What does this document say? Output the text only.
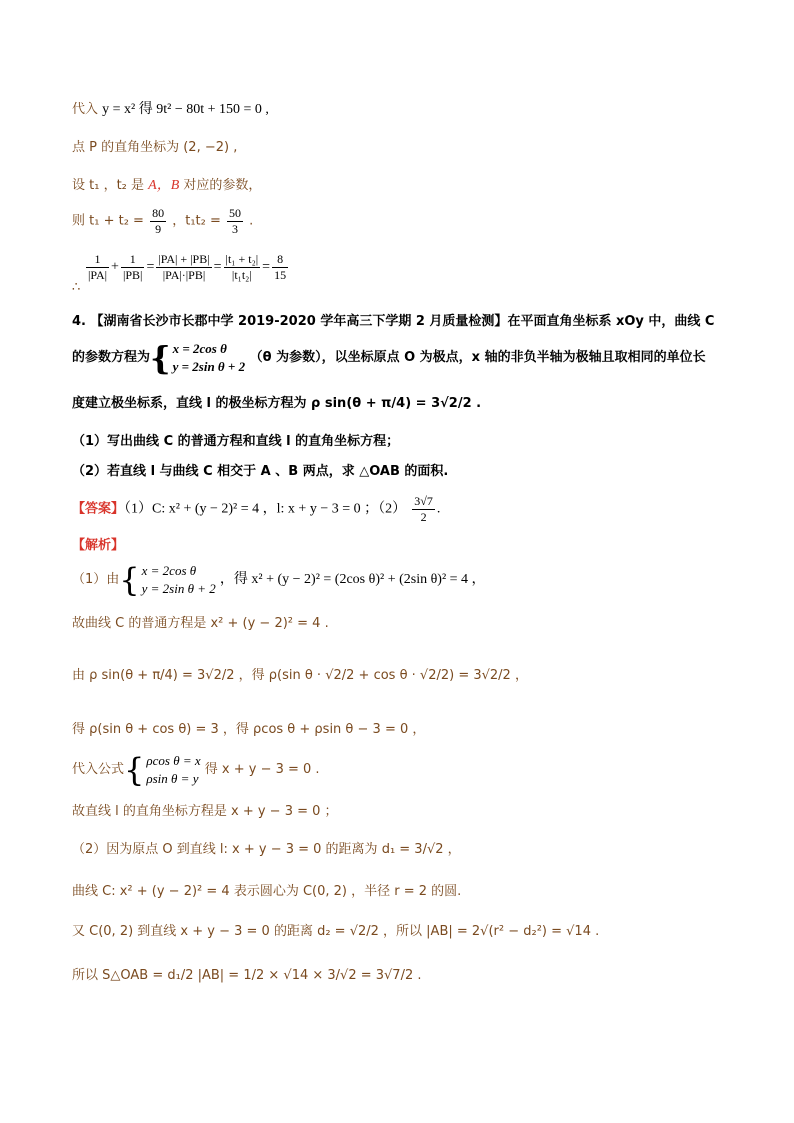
代入 y = x² 得 9t² − 80t + 150 = 0 ,
点 P 的直角坐标为 (2, −2) ,
设 t₁ ，t₂ 是 A，B 对应的参数，
则 $t_1 + t_2 = \frac{80}{9}$ ，$t_1t_2 = \frac{50}{3}$ .
∴
$\frac{1}{|PA|} + \frac{1}{|PB|} = \frac{|PA| + |PB|}{|PA|\cdot|PB|} = \frac{\text{|t₁ + t₂|}}{\text{|t₁t₂|}} = \frac{8}{15}$
4. 【湖南省长沙市长郡中学 2019-2020 学年高三下学期 2 月质量检测】在平面直角坐标系 xOy 中，曲线 C
的参数方程为{ x = 2cos θ
y = 2sin θ + 2
（θ 为参数），以坐标原点 O 为极点，x 轴的非负半轴为极轴且取相同的单位长
度建立极坐标系，直线 l 的极坐标方程为 ρ sin(θ + π/4) = 3√2/2 .
（1）写出曲线 C 的普通方程和直线 l 的直角坐标方程；
（2）若直线 l 与曲线 C 相交于 A 、B 两点，求 △OAB 的面积.
【答案】（1）C: x² + (y − 2)² = 4 ，l: x + y − 3 = 0 ；$(2) \frac{3√7}{2}$ .
【解析】
（1）由{ x = 2cos θ
y = 2sin θ + 2
，得 x² + (y − 2)² = (2cos θ)² + (2sin θ)² = 4 ，
故曲线 C 的普通方程是 x² + (y − 2)² = 4 .
由 ρ sin(θ + π/4) = 3√2/2 ，得 ρ(sin θ · √2/2 + cos θ · √2/2) = 3√2/2 ，
得 ρ(sin θ + cos θ) = 3 ，得 ρcos θ + ρsin θ − 3 = 0 ，
代入公式{ ρcos θ = x
ρsin θ = y
得 x + y − 3 = 0 .
故直线 l 的直角坐标方程是 x + y − 3 = 0 ；
（2）因为原点 O 到直线 l: x + y − 3 = 0 的距离为 d₁ = 3/√2 ，
曲线 C: x² + (y − 2)² = 4 表示圆心为 C(0, 2) ，半径 r = 2 的圆.
又 C(0, 2) 到直线 x + y − 3 = 0 的距离 d₂ = √2/2 ，所以 |AB| = 2√(r² − d₂²) = √14 .
所以 S△OAB = d₁/2 |AB| = 1/2 × √14 × 3/√2 = 3√7/2 .
